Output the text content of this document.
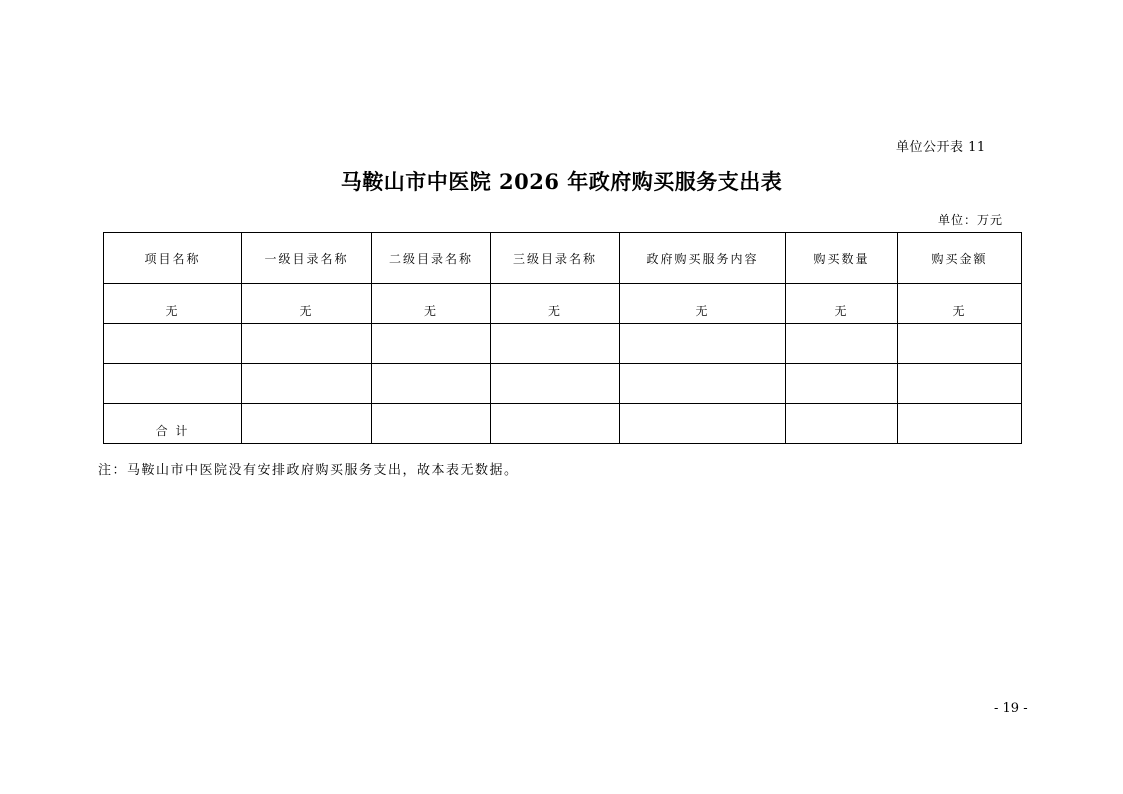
单位公开表 11
马鞍山市中医院 2026 年政府购买服务支出表
单位：万元
项目名称	一级目录名称	二级目录名称	三级目录名称	政府购买服务内容	购买数量	购买金额
无	无	无	无	无	无	无

合 计						
注：马鞍山市中医院没有安排政府购买服务支出，故本表无数据。
- 19 -
